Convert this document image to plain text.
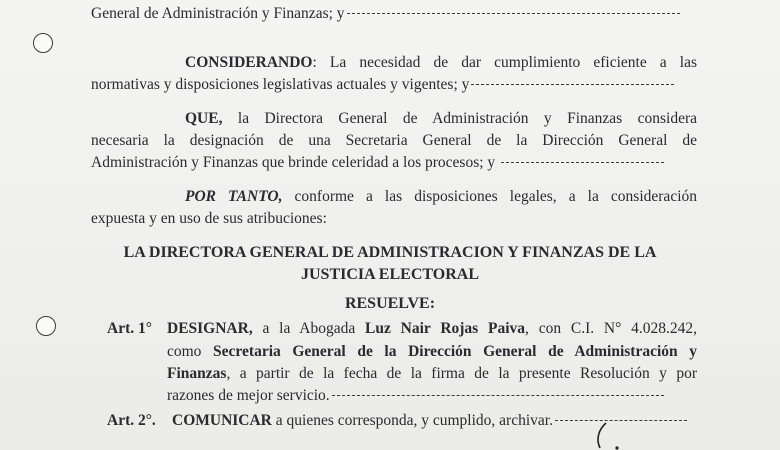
General de Administración y Finanzas; y
CONSIDERANDO: La necesidad de dar cumplimiento eficiente a las
normativas y disposiciones legislativas actuales y vigentes; y
QUE, la Directora General de Administración y Finanzas considera
necesaria la designación de una Secretaria General de la Dirección General de
Administración y Finanzas que brinde celeridad a los procesos; y
POR TANTO, conforme a las disposiciones legales, a la consideración
expuesta y en uso de sus atribuciones:
LA DIRECTORA GENERAL DE ADMINISTRACION Y FINANZAS DE LA
JUSTICIA ELECTORAL
RESUELVE:
Art. 1° DESIGNAR, a la Abogada Luz Nair Rojas Paiva, con C.I. N° 4.028.242,
como Secretaria General de la Dirección General de Administración y
Finanzas, a partir de la fecha de la firma de la presente Resolución y por
razones de mejor servicio.
Art. 2°. COMUNICAR a quienes corresponda, y cumplido, archivar.
